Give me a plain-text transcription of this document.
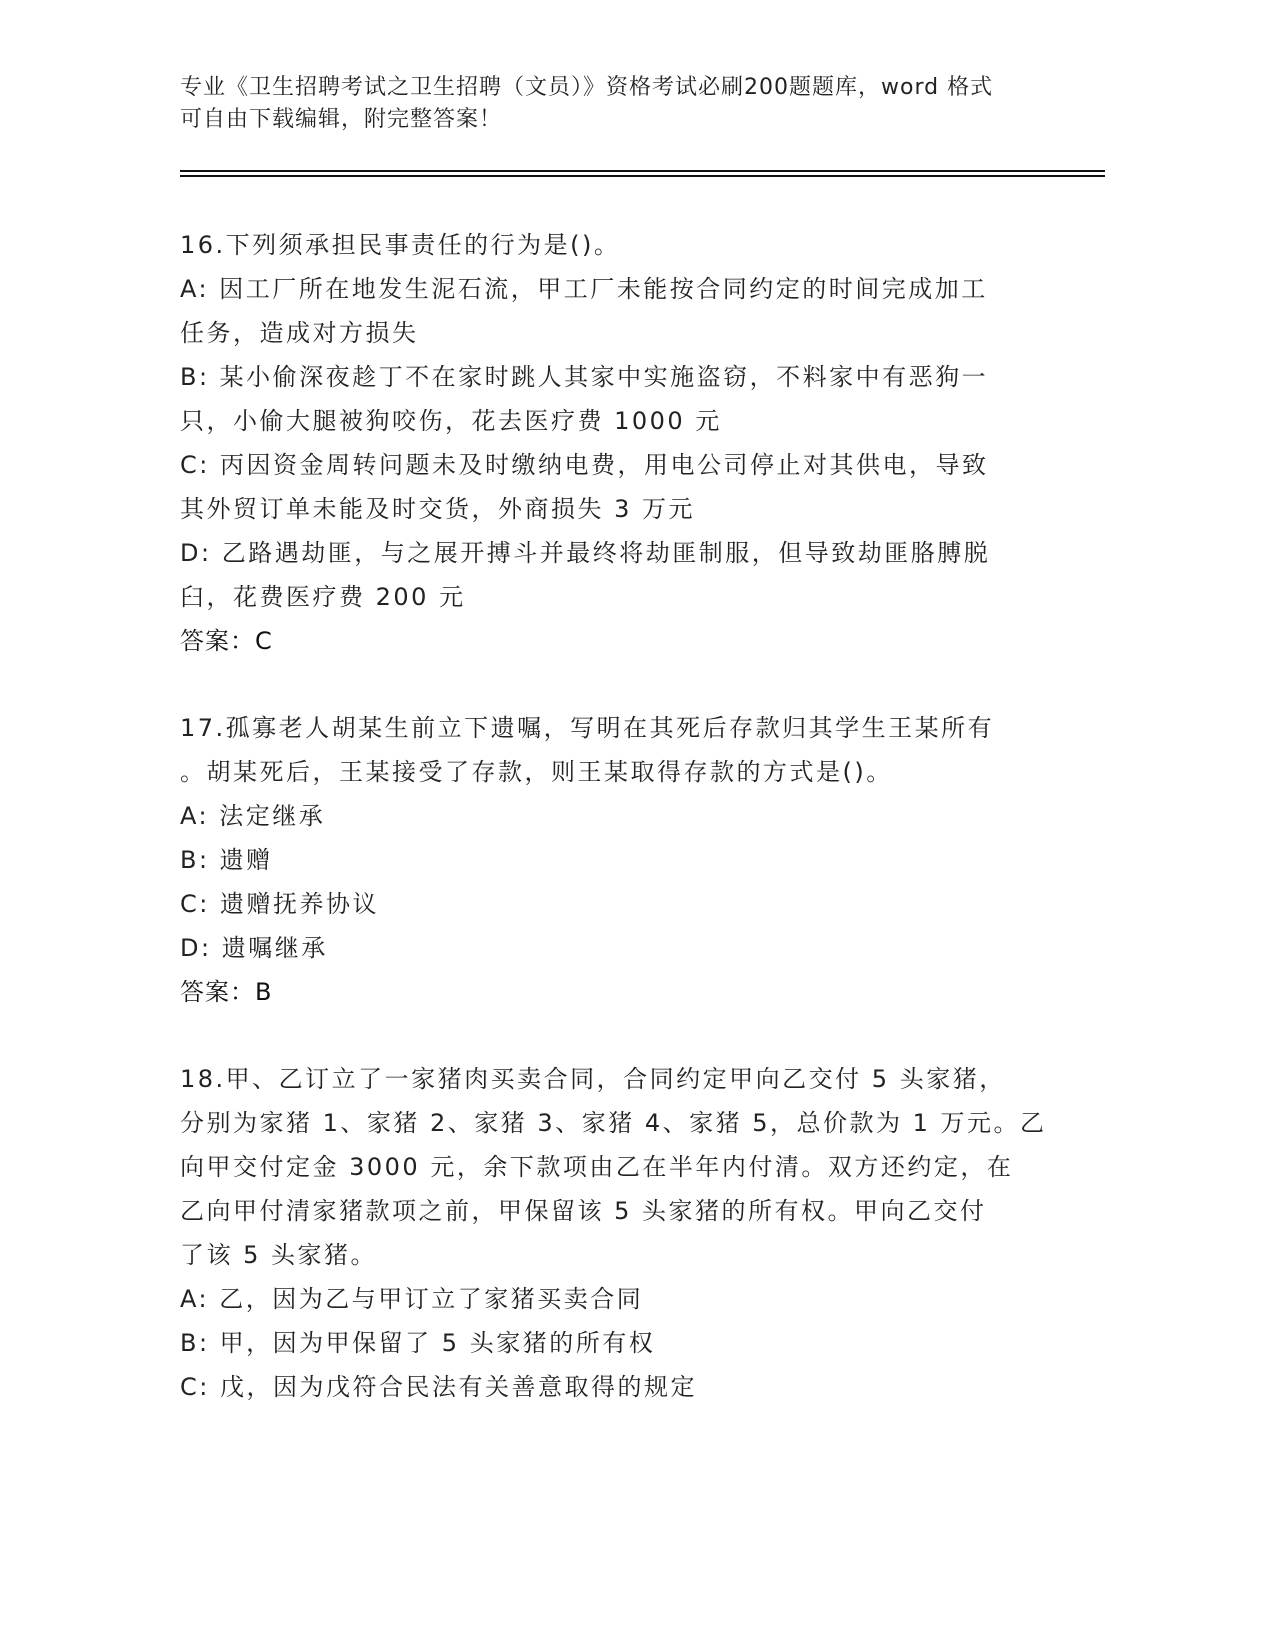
专业《卫生招聘考试之卫生招聘（文员）》资格考试必刷200题题库，word 格式

可自由下载编辑，附完整答案！

16.下列须承担民事责任的行为是()。
A: 因工厂所在地发生泥石流，甲工厂未能按合同约定的时间完成加工
任务，造成对方损失
B: 某小偷深夜趁丁不在家时跳人其家中实施盗窃，不料家中有恶狗一
只，小偷大腿被狗咬伤，花去医疗费 1000 元
C: 丙因资金周转问题未及时缴纳电费，用电公司停止对其供电，导致
其外贸订单未能及时交货，外商损失 3 万元
D: 乙路遇劫匪，与之展开搏斗并最终将劫匪制服，但导致劫匪胳膊脱
臼，花费医疗费 200 元
答案：C
17.孤寡老人胡某生前立下遗嘱，写明在其死后存款归其学生王某所有
。胡某死后，王某接受了存款，则王某取得存款的方式是()。
A: 法定继承
B: 遗赠
C: 遗赠抚养协议
D: 遗嘱继承
答案：B
18.甲、乙订立了一家猪肉买卖合同，合同约定甲向乙交付 5 头家猪，
分别为家猪 1、家猪 2、家猪 3、家猪 4、家猪 5，总价款为 1 万元。乙
向甲交付定金 3000 元，余下款项由乙在半年内付清。双方还约定，在
乙向甲付清家猪款项之前，甲保留该 5 头家猪的所有权。甲向乙交付
了该 5 头家猪。
A: 乙，因为乙与甲订立了家猪买卖合同
B: 甲，因为甲保留了 5 头家猪的所有权
C: 戊，因为戊符合民法有关善意取得的规定
